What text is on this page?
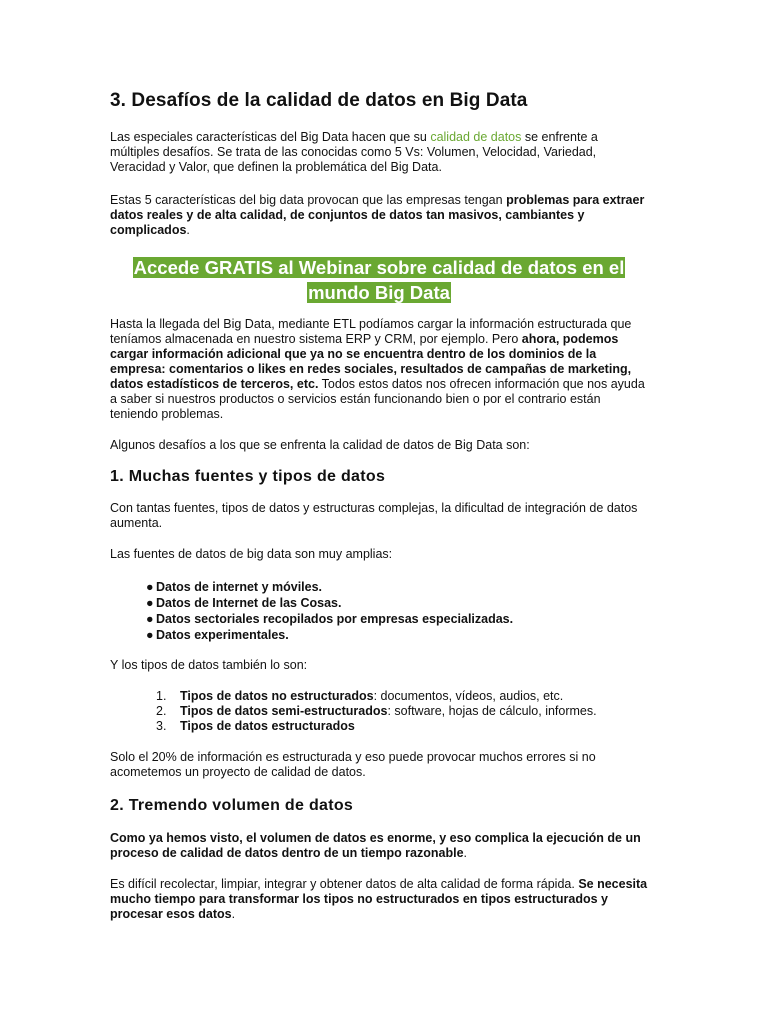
3. Desafíos de la calidad de datos en Big Data

Las especiales características del Big Data hacen que su calidad de datos se enfrente a múltiples desafíos. Se trata de las conocidas como 5 Vs: Volumen, Velocidad, Variedad, Veracidad y Valor, que definen la problemática del Big Data.

Estas 5 características del big data provocan que las empresas tengan problemas para extraer datos reales y de alta calidad, de conjuntos de datos tan masivos, cambiantes y complicados.

Accede GRATIS al Webinar sobre calidad de datos en el mundo Big Data

Hasta la llegada del Big Data, mediante ETL podíamos cargar la información estructurada que teníamos almacenada en nuestro sistema ERP y CRM, por ejemplo. Pero ahora, podemos cargar información adicional que ya no se encuentra dentro de los dominios de la empresa: comentarios o likes en redes sociales, resultados de campañas de marketing, datos estadísticos de terceros, etc. Todos estos datos nos ofrecen información que nos ayuda a saber si nuestros productos o servicios están funcionando bien o por el contrario están teniendo problemas.

Algunos desafíos a los que se enfrenta la calidad de datos de Big Data son:

1. Muchas fuentes y tipos de datos

Con tantas fuentes, tipos de datos y estructuras complejas, la dificultad de integración de datos aumenta.

Las fuentes de datos de big data son muy amplias:

● Datos de internet y móviles.
● Datos de Internet de las Cosas.
● Datos sectoriales recopilados por empresas especializadas.
● Datos experimentales.

Y los tipos de datos también lo son:

1. Tipos de datos no estructurados: documentos, vídeos, audios, etc.
2. Tipos de datos semi-estructurados: software, hojas de cálculo, informes.
3. Tipos de datos estructurados

Solo el 20% de información es estructurada y eso puede provocar muchos errores si no acometemos un proyecto de calidad de datos.

2. Tremendo volumen de datos

Como ya hemos visto, el volumen de datos es enorme, y eso complica la ejecución de un proceso de calidad de datos dentro de un tiempo razonable.

Es difícil recolectar, limpiar, integrar y obtener datos de alta calidad de forma rápida. Se necesita mucho tiempo para transformar los tipos no estructurados en tipos estructurados y procesar esos datos.
